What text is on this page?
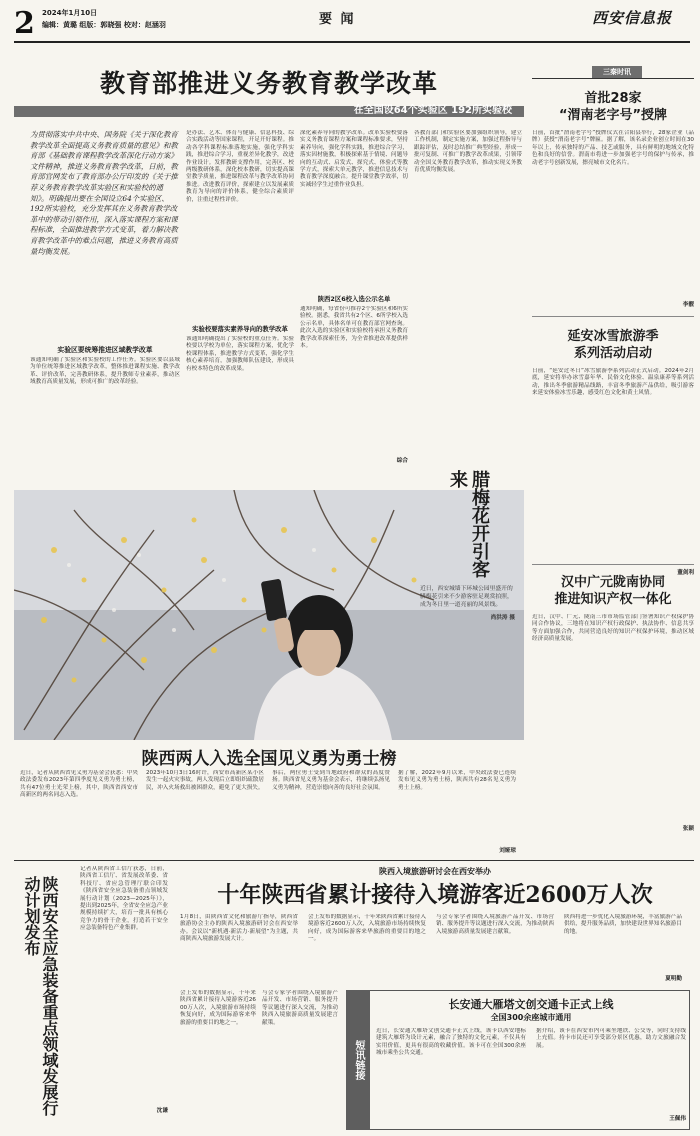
2 2024年1月10日
编辑：黄璐 组版：郭晓强 校对：赵涵羽	要 闻	西安信息报
教育部推进义务教育教学改革
在全国设64个实验区 192所实验校
为贯彻落实中共中央、国务院《关于深化教育教学改革全面提高义务教育质量的意见》和教育部《基础教育课程教学改革深化行动方案》文件精神，推进义务教育教学改革，日前，教育部官网发布了教育部办公厅印发的《关于推荐义务教育教学改革实验区和实验校的通知》。明确提出要在全国设立64个实验区、192所实验校，充分发挥其在义务教育教学改革中的带动引领作用，深入落实课程方案和课程标准，全面推进教学方式变革，着力解决教育教学改革中的难点问题，推进义务教育高质量均衡发展。
实验区要统筹推进区域教学改革
该通知明确了实验区和实验校的工作任务。实验区要以县域为单位统筹推进区域教学改革，整体推进课程实施、教学改革、评价改革，完善教研体系，提升教师专业素养，推动区域教育高质量发展，形成可推广的改革经验。
是办法、艺术、体育与健康、信息科技、综合实践活动等国家课程，开足开好课程。推动各学科课程标准落地实施，强化学科实践，推进综合学习，重视差异化教学，改进作业设计。发挥教研支撑作用，完善区、校两级教研体系，深化校本教研，切实提高课堂教学质量，推进课程改革与教学改革协同推进。改进教育评价，探索建立以发展素质教育为导向的评价体系，健全综合素质评价，注重过程性评价。
实验校要落实素养导向的教学改革
该通知明确提出了实验校的重点任务。实验校要以学校为单位，落实课程方案，优化学校课程体系，推进教学方式变革，强化学生核心素养培育，加强教师队伍建设，形成具有校本特色的改革成果。
深化素养导向的教学改革。改革实验校要落实义务教育课程方案和课程标准要求，坚持素养导向，强化学科实践，推进综合学习，落实因材施教，积极探索基于情境、问题导向的互动式、启发式、探究式、体验式等教学方式，探索大单元教学，推进信息技术与教育教学深度融合。提升课堂教学效率，切实减轻学生过重作业负担。
陕西2区6校入选公示名单
通知明确，每省份可推荐2个实验区和6所实验校。据悉，我省共有2个区、6所学校入选公示名单，具体名单可在教育部官网查询。此次入选的实验区和实验校将承担义务教育教学改革探索任务，为全省推进改革提供样本。
综合
各教育部门和实验区要加强组织领导，建立工作机制，制定实施方案，加强过程指导与跟踪评估，及时总结推广典型经验，形成一批可复制、可推广的教学改革成果，引领带动全国义务教育教学改革，推动实现义务教育优质均衡发展。
腊梅花开引客来
近日，西安城墙下环城公园里盛开的腊梅花引来不少游客驻足观赏拍照，成为冬日里一道亮丽的风景线。
尚洪涛 摄
陕西两人入选全国见义勇为勇士榜
近日，记者从陕西省见义勇为基金会获悉：中央政法委发布2023年第四季度见义勇为勇士榜，共有47位勇士光荣上榜，其中，陕西省西安市高新区的两名同志入选。
2023年10月3日16时许，西安市高新区某小区发生一起火灾事故，两人发现后立即组织疏散居民，冲入火场救出被困群众，避免了更大损失。
事后，两位勇士受到当地政府和群众的高度赞扬。陕西省见义勇为基金会表示，将继续弘扬见义勇为精神，营造崇德向善的良好社会氛围。
据了解，2022年9月以来，中央政法委已连续发布见义勇为勇士榜，陕西共有28名见义勇为勇士上榜。
刘娅琼
三秦时讯
首批28家
“渭南老字号”授牌
日前，首批“渭南老字号”授牌仪式在合阳县举行，28家企业（品牌）获授“渭南老字号”牌匾。据了解，该名录企业创立时间在30年以上，传承独特的产品、技艺或服务，具有鲜明的地域文化特色和良好的信誉。渭南市将进一步加强老字号的保护与传承，推动老字号创新发展，擦亮城市文化名片。
李靓
延安冰雪旅游季
系列活动启动
日前，“延安过冬日”冰雪旅游季系列活动正式启动。2024年2月底，延安将举办冰雪嘉年华、民俗文化体验、温泉康养等系列活动，推出冬季旅游精品线路，丰富冬季旅游产品供给，吸引游客来延安体验冰雪乐趣，感受红色文化和黄土风情。
董剑利
汉中广元陇南协同
推进知识产权一体化
近日，汉中、广元、陇南三市市场监管部门签署知识产权保护协同合作协议，三地将在知识产权行政保护、执法协作、信息共享等方面加强合作，共同营造良好的知识产权保护环境，推动区域经济高质量发展。
张颖
陕西安全应急装备重点领域发展行动计划发布
记者从陕西省工信厅获悉，日前，陕西省工信厅、省发展改革委、省科技厅、省应急管理厅联合印发《陕西省安全应急装备重点领域发展行动计划（2023—2025年）》，提出到2025年，全省安全应急产业规模持续扩大，培育一批具有核心竞争力的骨干企业，打造若干安全应急装备特色产业集群。
沈谦
陕西入境旅游研讨会在西安举办
十年陕西省累计接待入境游客近2600万人次
1月8日，由陕西省文化和旅游厅指导，陕西省旅游协会主办的陕西入境旅游研讨会在西安举办。会议以“新机遇·新活力·新展望”为主题，共商陕西入境旅游发展大计。
会上发布的数据显示，十年来陕西省累计接待入境游客近2600万人次，入境旅游市场持续恢复向好，成为国际游客来华旅游的重要目的地之一。
与会专家学者围绕入境旅游产品开发、市场营销、服务提升等议题进行深入交流，为推动陕西入境旅游高质量发展建言献策。
陕西将进一步优化入境旅游环境，丰富旅游产品供给，提升服务品质，加快建设世界知名旅游目的地。
夏明勤
会上发布的数据显示，十年来陕西省累计接待入境游客近2600万人次，入境旅游市场持续恢复向好，成为国际游客来华旅游的重要目的地之一。
与会专家学者围绕入境旅游产品开发、市场营销、服务提升等议题进行深入交流，为推动陕西入境旅游高质量发展建言献策。
短讯链接
长安通大雁塔文创交通卡正式上线
全国300余座城市通用
近日，长安通大雁塔文创交通卡正式上线，该卡以西安地标建筑大雁塔为设计元素，融合了独特的文化元素，不仅具有实用价值，更具有很高的收藏价值。该卡可在全国300余座城市乘坐公共交通。
据介绍，该卡在西安市内可乘坐地铁、公交等，同时支持线上充值。持卡市民还可享受部分景区优惠，助力文旅融合发展。
王佩伟
